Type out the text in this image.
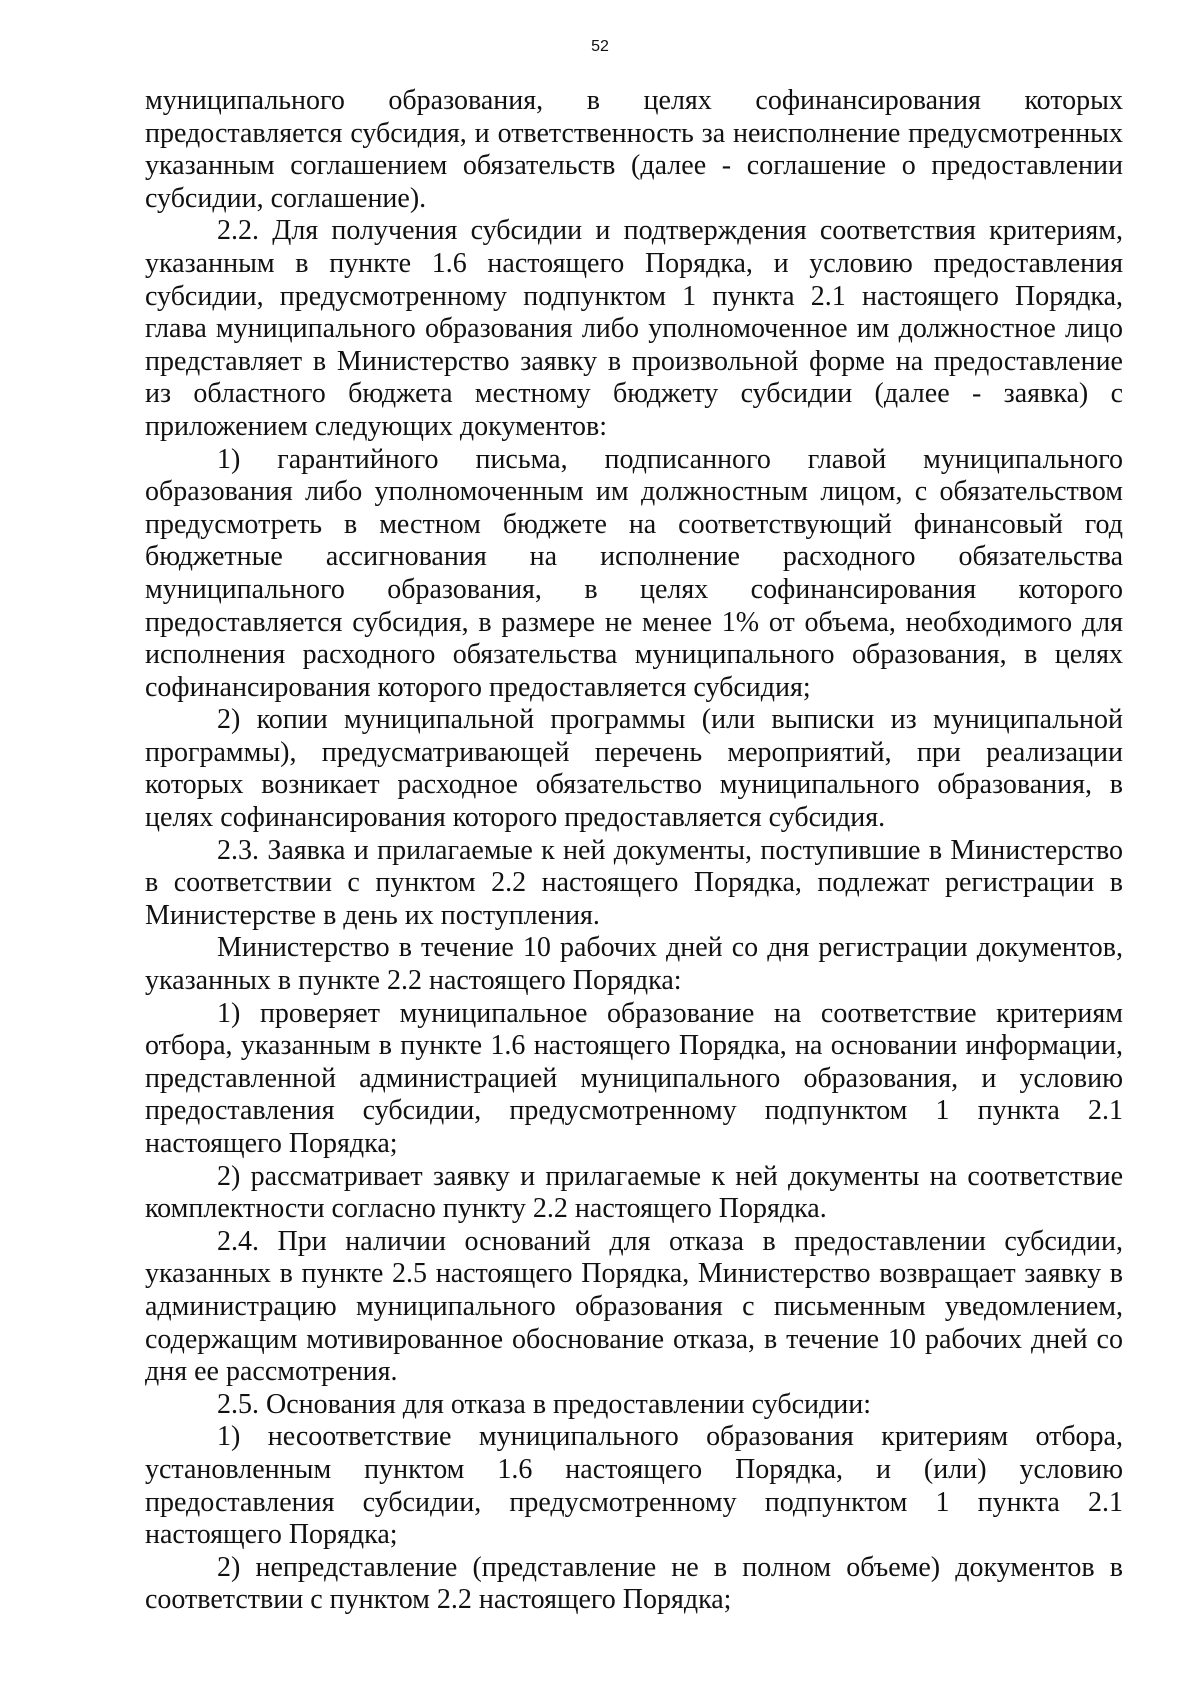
52

муниципального образования, в целях софинансирования которых предоставляется субсидия, и ответственность за неисполнение предусмотренных указанным соглашением обязательств (далее - соглашение о предоставлении субсидии, соглашение).

2.2. Для получения субсидии и подтверждения соответствия критериям, указанным в пункте 1.6 настоящего Порядка, и условию предоставления субсидии, предусмотренному подпунктом 1 пункта 2.1 настоящего Порядка, глава муниципального образования либо уполномоченное им должностное лицо представляет в Министерство заявку в произвольной форме на предоставление из областного бюджета местному бюджету субсидии (далее - заявка) с приложением следующих документов:

1) гарантийного письма, подписанного главой муниципального образования либо уполномоченным им должностным лицом, с обязательством предусмотреть в местном бюджете на соответствующий финансовый год бюджетные ассигнования на исполнение расходного обязательства муниципального образования, в целях софинансирования которого предоставляется субсидия, в размере не менее 1% от объема, необходимого для исполнения расходного обязательства муниципального образования, в целях софинансирования которого предоставляется субсидия;

2) копии муниципальной программы (или выписки из муниципальной программы), предусматривающей перечень мероприятий, при реализации которых возникает расходное обязательство муниципального образования, в целях софинансирования которого предоставляется субсидия.

2.3. Заявка и прилагаемые к ней документы, поступившие в Министерство в соответствии с пунктом 2.2 настоящего Порядка, подлежат регистрации в Министерстве в день их поступления.

Министерство в течение 10 рабочих дней со дня регистрации документов, указанных в пункте 2.2 настоящего Порядка:

1) проверяет муниципальное образование на соответствие критериям отбора, указанным в пункте 1.6 настоящего Порядка, на основании информации, представленной администрацией муниципального образования, и условию предоставления субсидии, предусмотренному подпунктом 1 пункта 2.1 настоящего Порядка;

2) рассматривает заявку и прилагаемые к ней документы на соответствие комплектности согласно пункту 2.2 настоящего Порядка.

2.4. При наличии оснований для отказа в предоставлении субсидии, указанных в пункте 2.5 настоящего Порядка, Министерство возвращает заявку в администрацию муниципального образования с письменным уведомлением, содержащим мотивированное обоснование отказа, в течение 10 рабочих дней со дня ее рассмотрения.

2.5. Основания для отказа в предоставлении субсидии:

1) несоответствие муниципального образования критериям отбора, установленным пунктом 1.6 настоящего Порядка, и (или) условию предоставления субсидии, предусмотренному подпунктом 1 пункта 2.1 настоящего Порядка;

2) непредставление (представление не в полном объеме) документов в соответствии с пунктом 2.2 настоящего Порядка;
